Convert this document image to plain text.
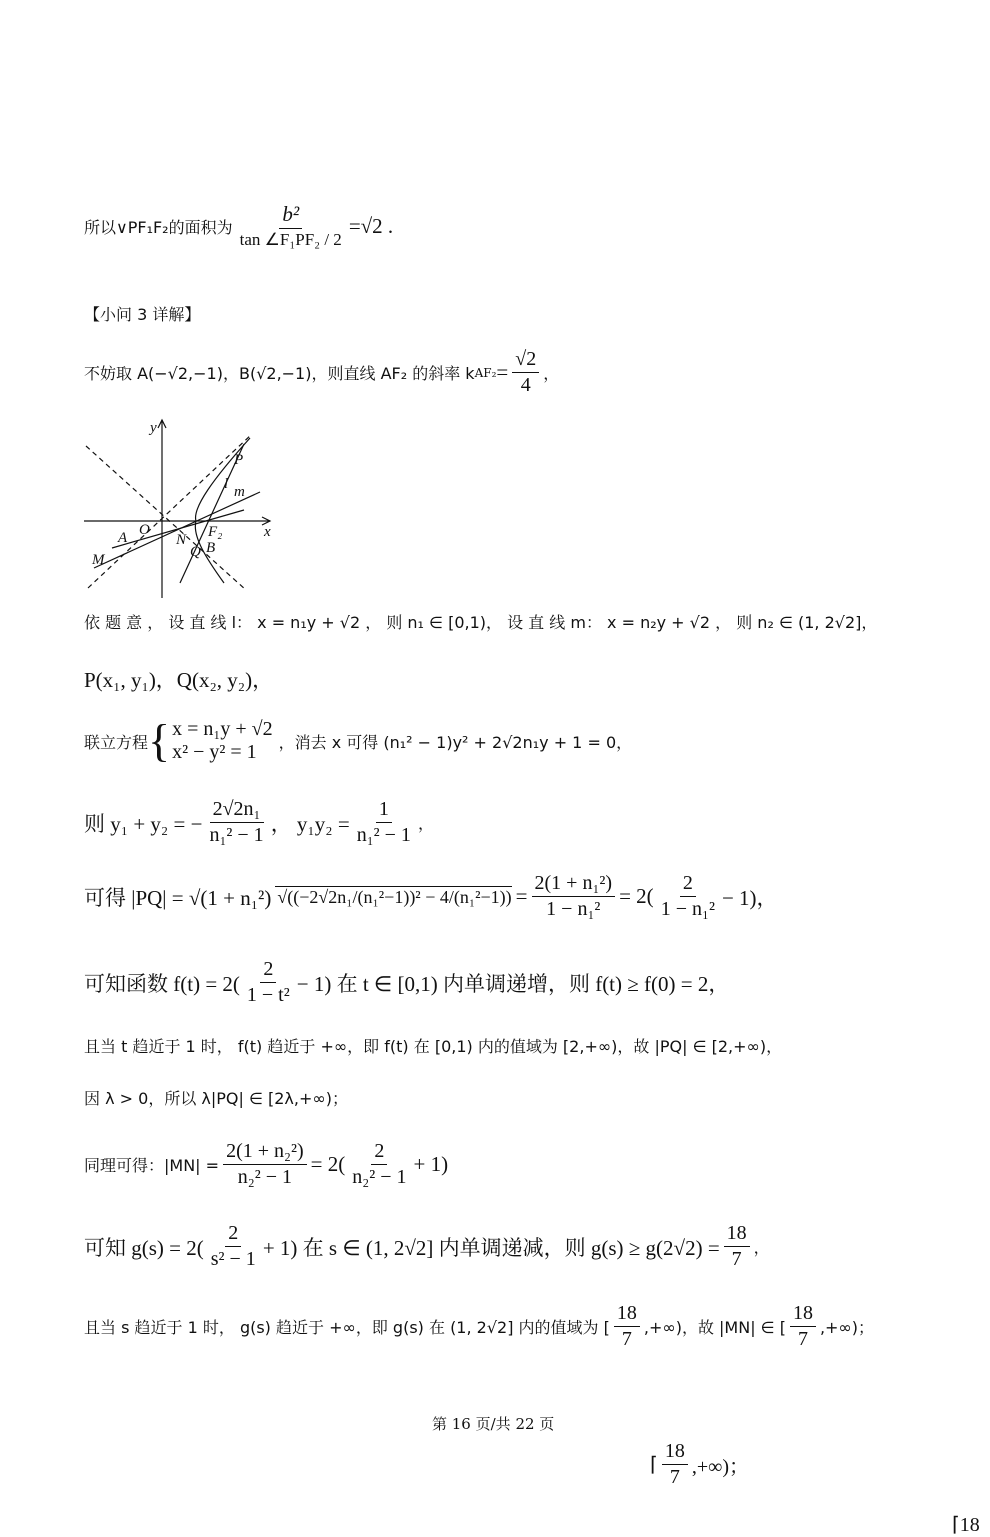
所以∨PF₁F₂的面积为 $\frac{\text{b²}}{\text{tan ∠F₁PF₂ / 2}} =√2$ .
【小问 3 详解】
不妨取 A(−√2,−1)，B(√2,−1)，则直线 AF₂ 的斜率 k $AF_2 = \frac{√2}{4}$ ，
y
x
O
P
l m
F₂
A	N
Q B
M
依 题 意 ， 设 直 线 l： x = n₁y + √2 ， 则 n₁ ∈ [0,1)， 设 直 线 m： x = n₂y + √2 ， 则 n₂ ∈ (1, 2√2]，
P(x₁, y₁)，Q(x₂, y₂)，
联立方程 { x = n₁y + √2
x² − y² = 1	，消去 x 可得 (n₁² − 1)y² + 2√2n₁y + 1 = 0，
则 y₁ + y₂ = − $\frac{\text{2√2n₁}}{\text{n₁² − 1}}$ ， $y_1y_2 = \frac{1}{\text{n₁² − 1}}$ ，
可得 |PQ| = √(1 + n₁²) $√((-2√2n_1/(n_1^2-1))^2 - 4/(n_1^2-1)) = \frac{\text{2(1 + n₁²)}}{\text{1 − n₁²}} = 2( \frac{2}{\text{1 − n₁²}} - 1)$，
可知函数 $f(t) = 2( \frac{2}{\text{1 − t²}} - 1)$ 在 t ∈ [0,1) 内单调递增，则 f(t) ≥ f(0) = 2，
且当 t 趋近于 1 时， f(t) 趋近于 +∞，即 f(t) 在 [0,1) 内的值域为 [2,+∞)，故 |PQ| ∈ [2,+∞)，
因 λ > 0，所以 λ|PQ| ∈ [2λ,+∞)；
同理可得：$|MN| = \frac{\text{2(1 + n₂²)}}{\text{n₂² − 1}} = 2( \frac{2}{\text{n₂² − 1}} + 1)$
可知 $g(s) = 2( \frac{2}{\text{s² − 1}} + 1)$ 在 s ∈ (1, 2√2] 内单调递减，则 $g(s) \ge g(2√2) = \frac{18}{7}$ ，
且当 s 趋近于 1 时， g(s) 趋近于 +∞，即 g(s) 在 (1, 2√2] 内的值域为 [ $\frac{18}{7}$ ,+∞)，故 |MN| ∈ [ $\frac{18}{7}$ ,+∞)；
第 16 页/共 22 页
⌈ $\frac{18}{7}$ ,+∞)；
⌈18
